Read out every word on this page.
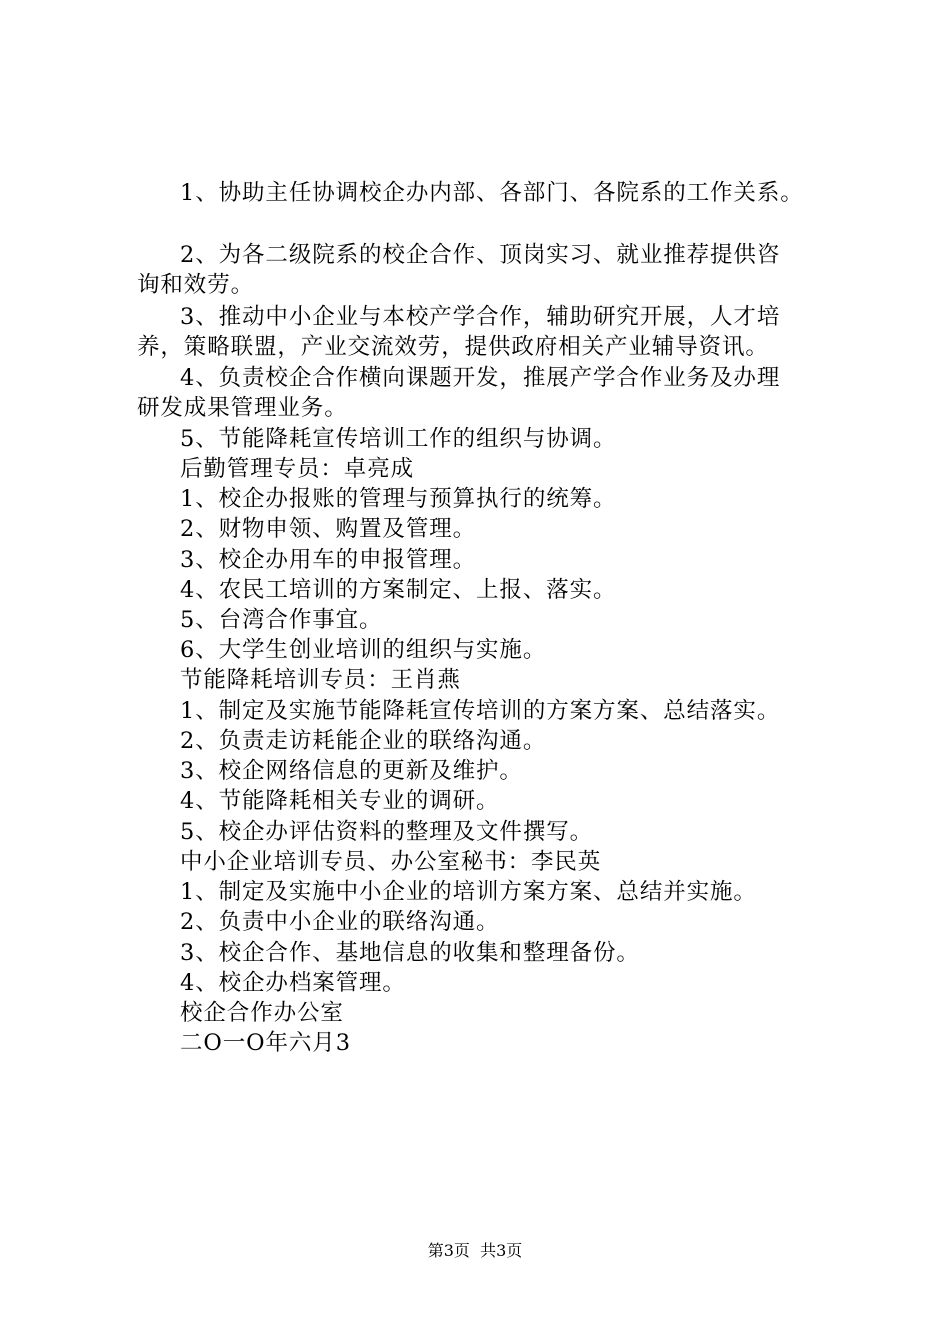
1、协助主任协调校企办内部、各部门、各院系的工作关系。
2、为各二级院系的校企合作、顶岗实习、就业推荐提供咨
询和效劳。
3、推动中小企业与本校产学合作，辅助研究开展，人才培
养，策略联盟，产业交流效劳，提供政府相关产业辅导资讯。
4、负责校企合作横向课题开发，推展产学合作业务及办理
研发成果管理业务。
5、节能降耗宣传培训工作的组织与协调。
后勤管理专员：卓亮成
1、校企办报账的管理与预算执行的统筹。
2、财物申领、购置及管理。
3、校企办用车的申报管理。
4、农民工培训的方案制定、上报、落实。
5、台湾合作事宜。
6、大学生创业培训的组织与实施。
节能降耗培训专员：王肖燕
1、制定及实施节能降耗宣传培训的方案方案、总结落实。
2、负责走访耗能企业的联络沟通。
3、校企网络信息的更新及维护。
4、节能降耗相关专业的调研。
5、校企办评估资料的整理及文件撰写。
中小企业培训专员、办公室秘书：李民英
1、制定及实施中小企业的培训方案方案、总结并实施。
2、负责中小企业的联络沟通。
3、校企合作、基地信息的收集和整理备份。
4、校企办档案管理。
校企合作办公室
二O一O年六月3
第3页  共3页
